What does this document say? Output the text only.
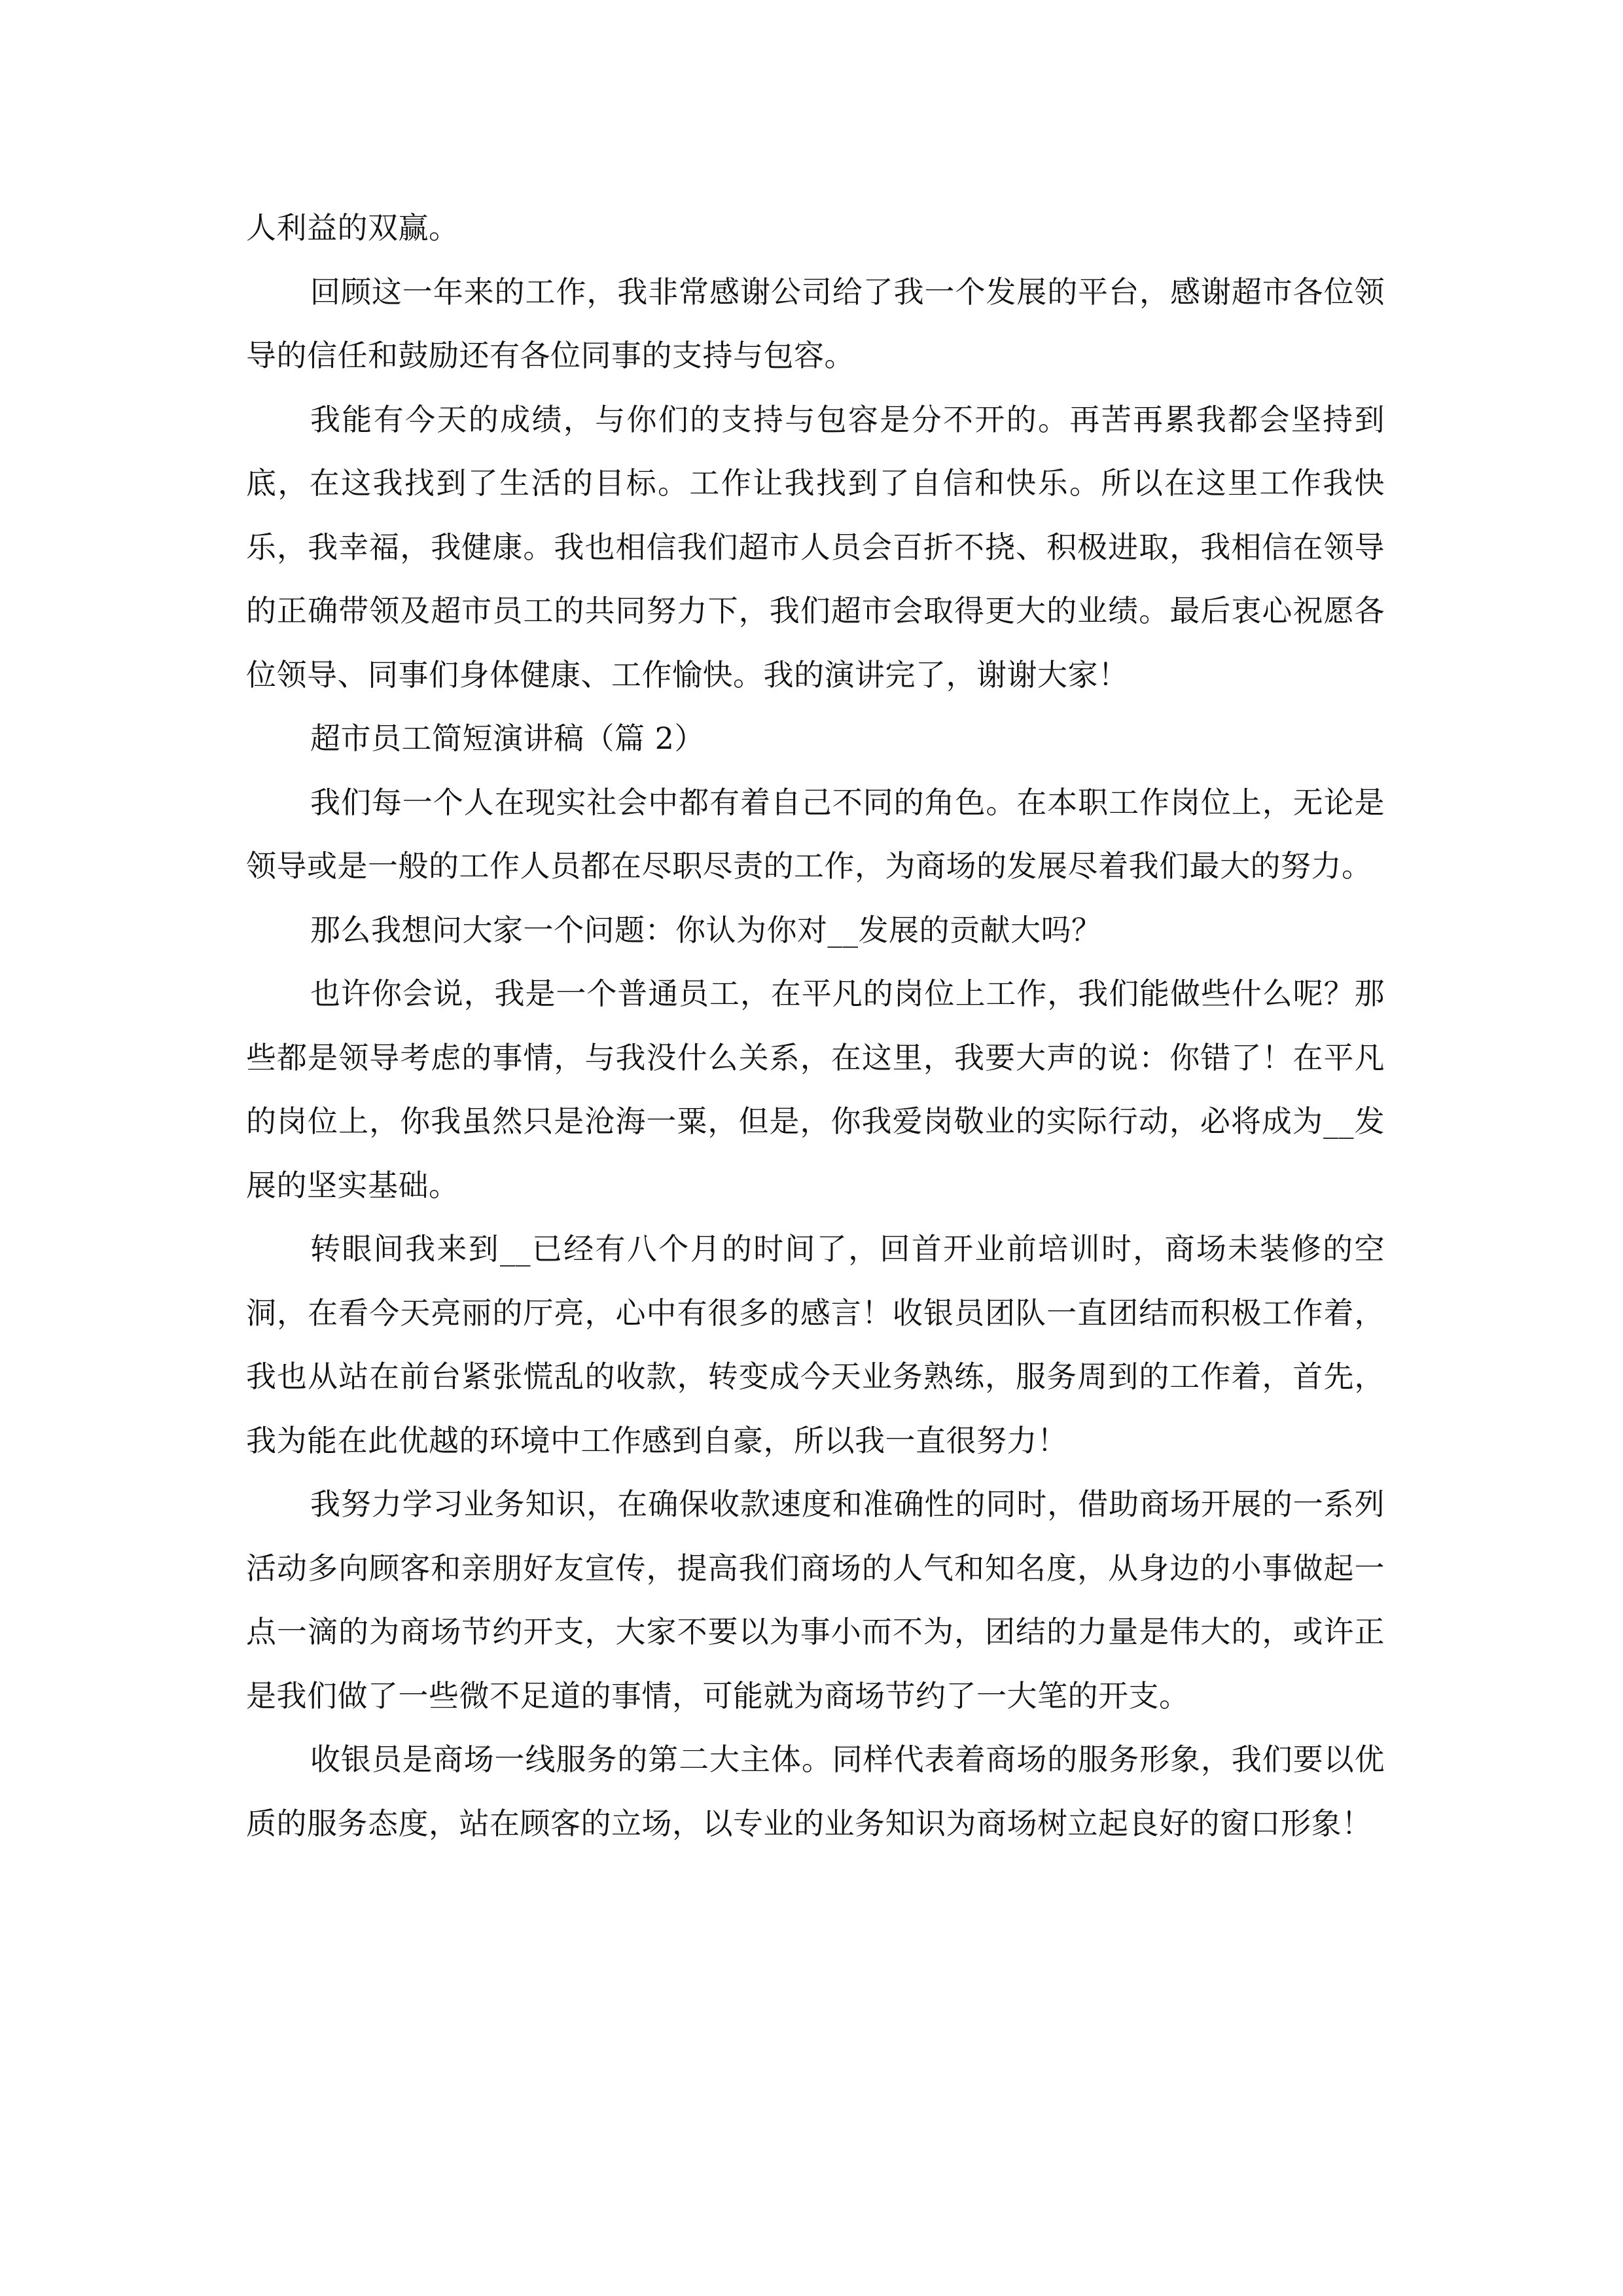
人利益的双赢。

回顾这一年来的工作，我非常感谢公司给了我一个发展的平台，感谢超市各位领导的信任和鼓励还有各位同事的支持与包容。

我能有今天的成绩，与你们的支持与包容是分不开的。再苦再累我都会坚持到底，在这我找到了生活的目标。工作让我找到了自信和快乐。所以在这里工作我快乐，我幸福，我健康。我也相信我们超市人员会百折不挠、积极进取，我相信在领导的正确带领及超市员工的共同努力下，我们超市会取得更大的业绩。最后衷心祝愿各位领导、同事们身体健康、工作愉快。我的演讲完了，谢谢大家！

超市员工简短演讲稿（篇 2）

我们每一个人在现实社会中都有着自己不同的角色。在本职工作岗位上，无论是领导或是一般的工作人员都在尽职尽责的工作，为商场的发展尽着我们最大的努力。

那么我想问大家一个问题：你认为你对__发展的贡献大吗？

也许你会说，我是一个普通员工，在平凡的岗位上工作，我们能做些什么呢？那些都是领导考虑的事情，与我没什么关系，在这里，我要大声的说：你错了！在平凡的岗位上，你我虽然只是沧海一粟，但是，你我爱岗敬业的实际行动，必将成为__发展的坚实基础。

转眼间我来到__已经有八个月的时间了，回首开业前培训时，商场未装修的空洞，在看今天亮丽的厅亮，心中有很多的感言！收银员团队一直团结而积极工作着，我也从站在前台紧张慌乱的收款，转变成今天业务熟练，服务周到的工作着，首先，我为能在此优越的环境中工作感到自豪，所以我一直很努力！

我努力学习业务知识，在确保收款速度和准确性的同时，借助商场开展的一系列活动多向顾客和亲朋好友宣传，提高我们商场的人气和知名度，从身边的小事做起一点一滴的为商场节约开支，大家不要以为事小而不为，团结的力量是伟大的，或许正是我们做了一些微不足道的事情，可能就为商场节约了一大笔的开支。

收银员是商场一线服务的第二大主体。同样代表着商场的服务形象，我们要以优质的服务态度，站在顾客的立场，以专业的业务知识为商场树立起良好的窗口形象！
